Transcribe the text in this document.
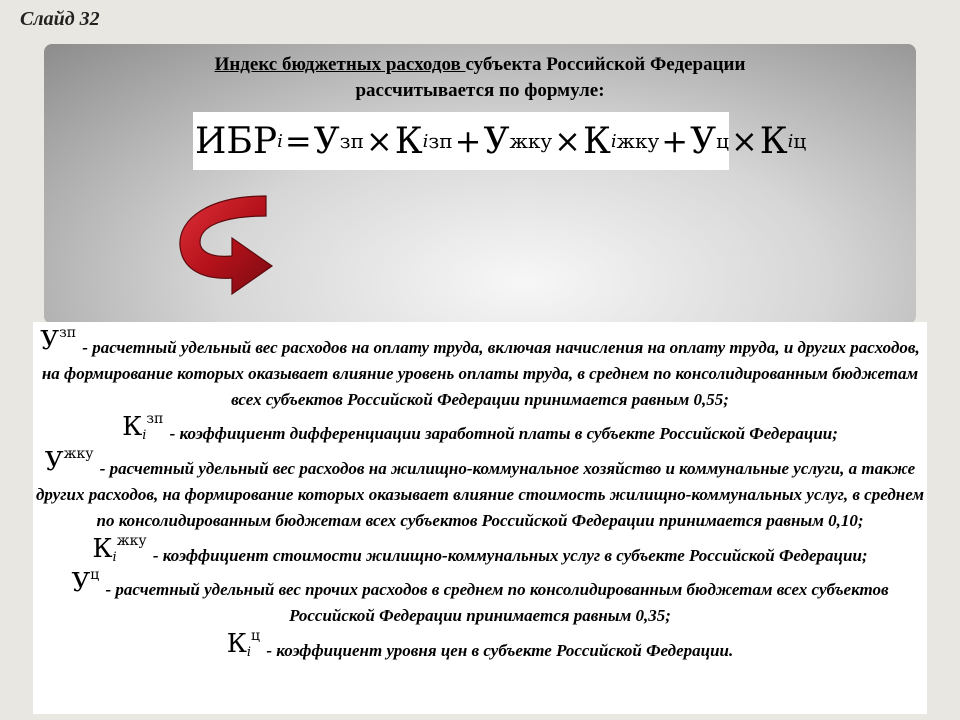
Слайд 32
Индекс бюджетных расходов субъекта Российской Федерации
рассчитывается по формуле:
ИБР i = У зп × К i зп + У жку × К i жку + У ц × К i ц
$У^{зп}$ - расчетный удельный вес расходов на оплату труда, включая начисления на оплату труда, и других расходов, на формирование которых оказывает влияние уровень оплаты труда, в среднем по консолидированным бюджетам всех субъектов Российской Федерации принимается равным 0,55;
$К_i^{зп}$ - коэффициент дифференциации заработной платы в субъекте Российской Федерации;
$У^{жку}$ - расчетный удельный вес расходов на жилищно-коммунальное хозяйство и коммунальные услуги, а также других расходов, на формирование которых оказывает влияние стоимость жилищно-коммунальных услуг, в среднем по консолидированным бюджетам всех субъектов Российской Федерации принимается равным 0,10;
$К_i^{жку}$ - коэффициент стоимости жилищно-коммунальных услуг в субъекте Российской Федерации;
$У^ц$ - расчетный удельный вес прочих расходов в среднем по консолидированным бюджетам всех субъектов Российской Федерации принимается равным 0,35;
$К_i^ц$ - коэффициент уровня цен в субъекте Российской Федерации.
